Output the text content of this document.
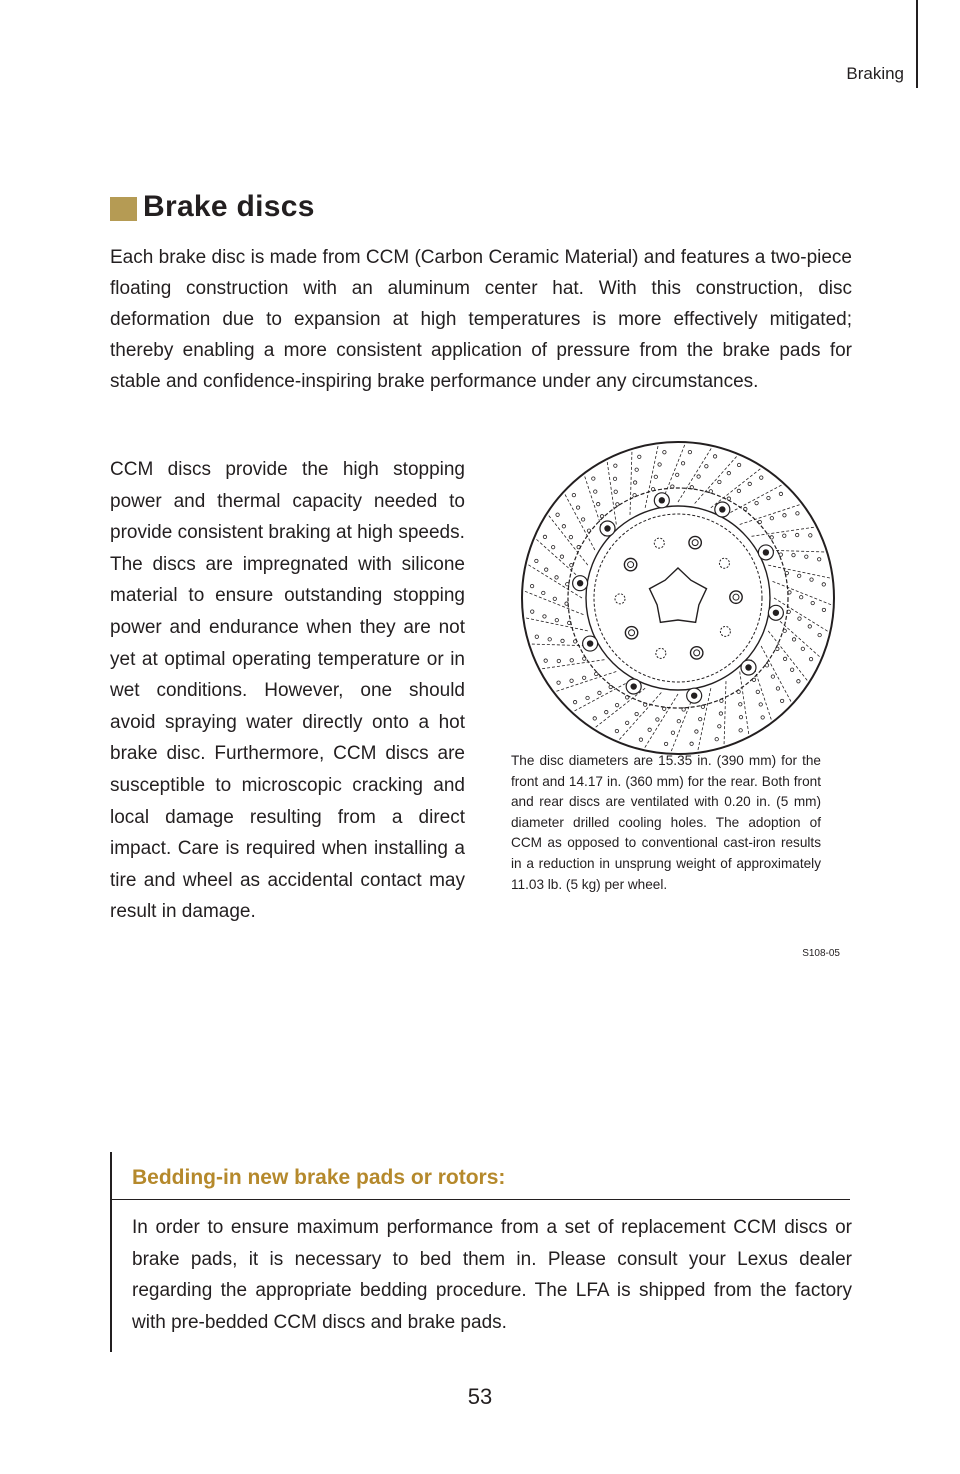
Braking
Brake discs

Each brake disc is made from CCM (Carbon Ceramic Material) and features a two-piece floating construction with an aluminum center hat. With this construction, disc deformation due to expansion at high temperatures is more effectively mitigated; thereby enabling a more consistent application of pressure from the brake pads for stable and confidence-inspiring brake performance under any circumstances.

CCM discs provide the high stopping power and thermal capacity needed to provide consistent braking at high speeds.

The discs are impregnated with silicone material to ensure outstanding stopping power and endurance when they are not yet at optimal operating temperature or in wet conditions. However, one should avoid spraying water directly onto a hot brake disc. Furthermore, CCM discs are susceptible to microscopic cracking and local damage resulting from a direct impact. Care is required when installing a tire and wheel as accidental contact may result in damage.

The disc diameters are 15.35 in. (390 mm) for the front and 14.17 in. (360 mm) for the rear. Both front and rear discs are ventilated with 0.20 in. (5 mm) diameter drilled cooling holes. The adoption of CCM as opposed to conventional cast-iron results in a reduction in unsprung weight of approximately 11.03 lb. (5 kg) per wheel.

S108-05
Bedding-in new brake pads or rotors:

In order to ensure maximum performance from a set of replacement CCM discs or brake pads, it is necessary to bed them in. Please consult your Lexus dealer regarding the appropriate bedding procedure. The LFA is shipped from the factory with pre-bedded CCM discs and brake pads.

53
